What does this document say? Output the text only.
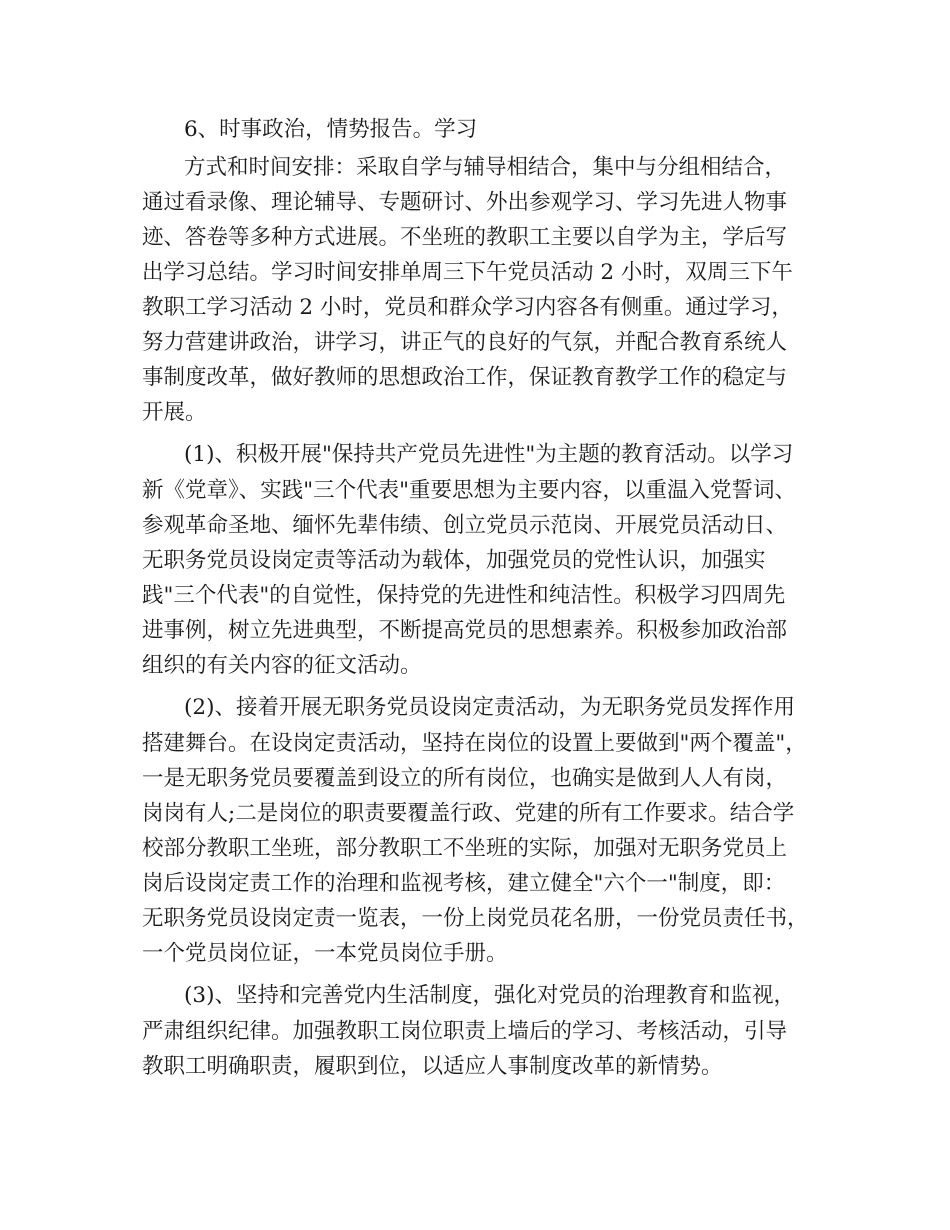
6、时事政治，情势报告。学习
方式和时间安排：采取自学与辅导相结合，集中与分组相结合，
通过看录像、理论辅导、专题研讨、外出参观学习、学习先进人物事
迹、答卷等多种方式进展。不坐班的教职工主要以自学为主，学后写
出学习总结。学习时间安排单周三下午党员活动 2 小时，双周三下午
教职工学习活动 2 小时，党员和群众学习内容各有侧重。通过学习，
努力营建讲政治，讲学习，讲正气的良好的气氛，并配合教育系统人
事制度改革，做好教师的思想政治工作，保证教育教学工作的稳定与
开展。
(1)、积极开展"保持共产党员先进性"为主题的教育活动。以学习
新《党章》、实践"三个代表"重要思想为主要内容，以重温入党誓词、
参观革命圣地、缅怀先辈伟绩、创立党员示范岗、开展党员活动日、
无职务党员设岗定责等活动为载体，加强党员的党性认识，加强实
践"三个代表"的自觉性，保持党的先进性和纯洁性。积极学习四周先
进事例，树立先进典型，不断提高党员的思想素养。积极参加政治部
组织的有关内容的征文活动。
(2)、接着开展无职务党员设岗定责活动，为无职务党员发挥作用
搭建舞台。在设岗定责活动，坚持在岗位的设置上要做到"两个覆盖"，
一是无职务党员要覆盖到设立的所有岗位，也确实是做到人人有岗，
岗岗有人;二是岗位的职责要覆盖行政、党建的所有工作要求。结合学
校部分教职工坐班，部分教职工不坐班的实际，加强对无职务党员上
岗后设岗定责工作的治理和监视考核，建立健全"六个一"制度，即：
无职务党员设岗定责一览表，一份上岗党员花名册，一份党员责任书，
一个党员岗位证，一本党员岗位手册。
(3)、坚持和完善党内生活制度，强化对党员的治理教育和监视，
严肃组织纪律。加强教职工岗位职责上墙后的学习、考核活动，引导
教职工明确职责，履职到位，以适应人事制度改革的新情势。
